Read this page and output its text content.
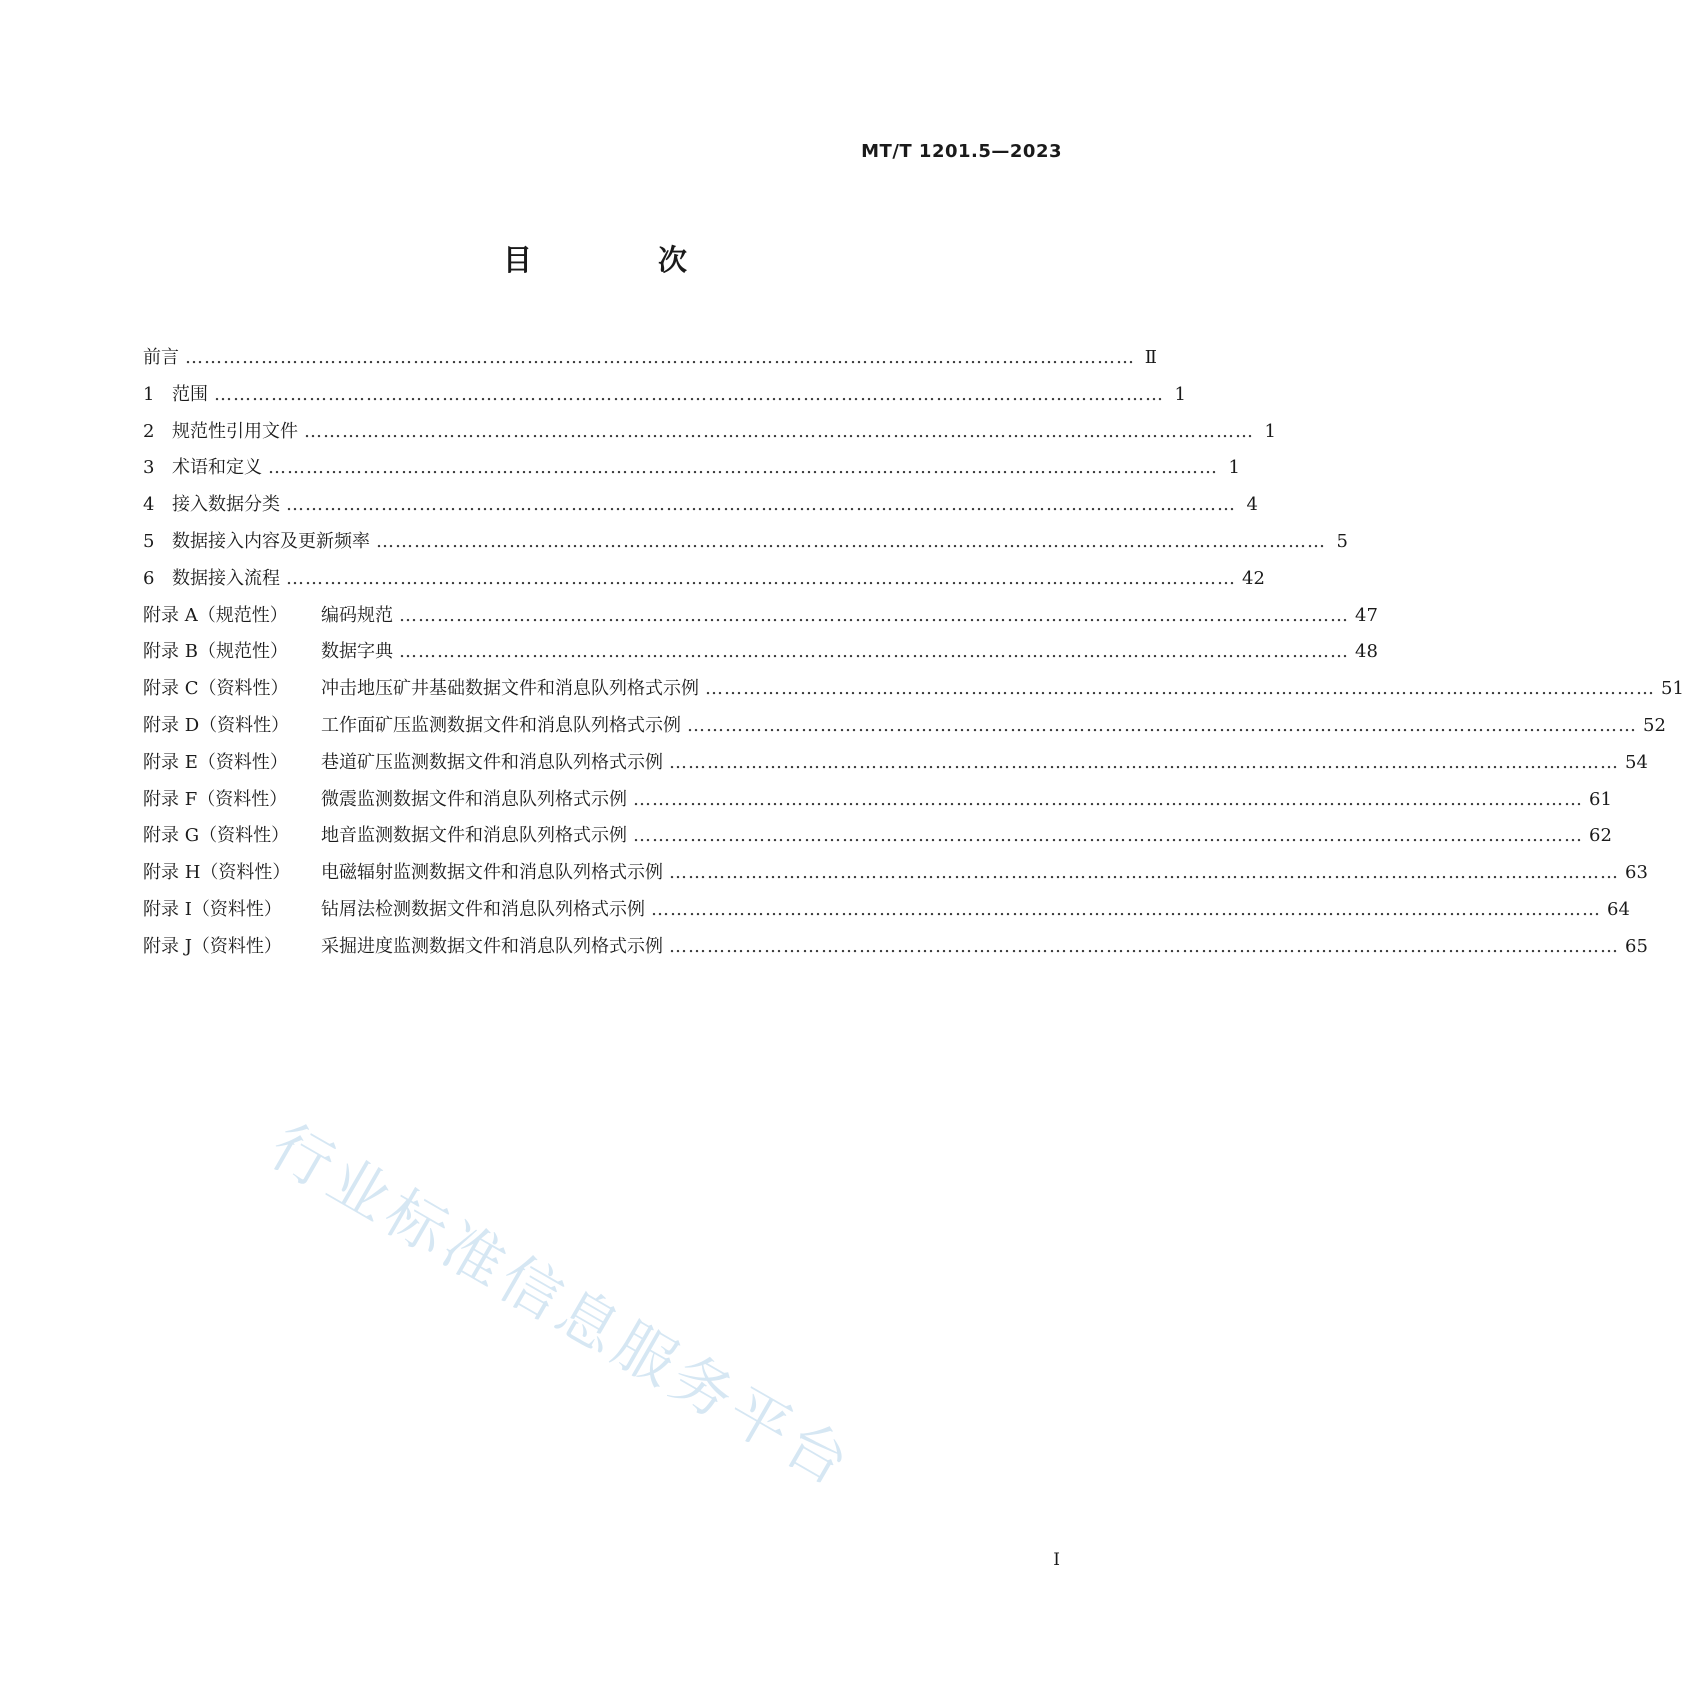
MT/T 1201.5—2023
目 次
前言 …………………………………………………………………………………………………………………………………… Ⅱ
1 范围 …………………………………………………………………………………………………………………………………… 1
2 规范性引用文件 …………………………………………………………………………………………………………………………………… 1
3 术语和定义 …………………………………………………………………………………………………………………………………… 1
4 接入数据分类 …………………………………………………………………………………………………………………………………… 4
5 数据接入内容及更新频率 …………………………………………………………………………………………………………………………………… 5
6 数据接入流程 …………………………………………………………………………………………………………………………………… 42
附录 A（规范性）	编码规范 …………………………………………………………………………………………………………………………………… 47
附录 B（规范性）	数据字典 …………………………………………………………………………………………………………………………………… 48
附录 C（资料性）	冲击地压矿井基础数据文件和消息队列格式示例 …………………………………………………………………………………………………………………………………… 51
附录 D（资料性）	工作面矿压监测数据文件和消息队列格式示例 …………………………………………………………………………………………………………………………………… 52
附录 E（资料性）	巷道矿压监测数据文件和消息队列格式示例 …………………………………………………………………………………………………………………………………… 54
附录 F（资料性）	微震监测数据文件和消息队列格式示例 …………………………………………………………………………………………………………………………………… 61
附录 G（资料性）	地音监测数据文件和消息队列格式示例 …………………………………………………………………………………………………………………………………… 62
附录 H（资料性）	电磁辐射监测数据文件和消息队列格式示例 …………………………………………………………………………………………………………………………………… 63
附录 I（资料性）	钻屑法检测数据文件和消息队列格式示例 …………………………………………………………………………………………………………………………………… 64
附录 J（资料性）	采掘进度监测数据文件和消息队列格式示例 …………………………………………………………………………………………………………………………………… 65
行业标准信息服务平台
I
